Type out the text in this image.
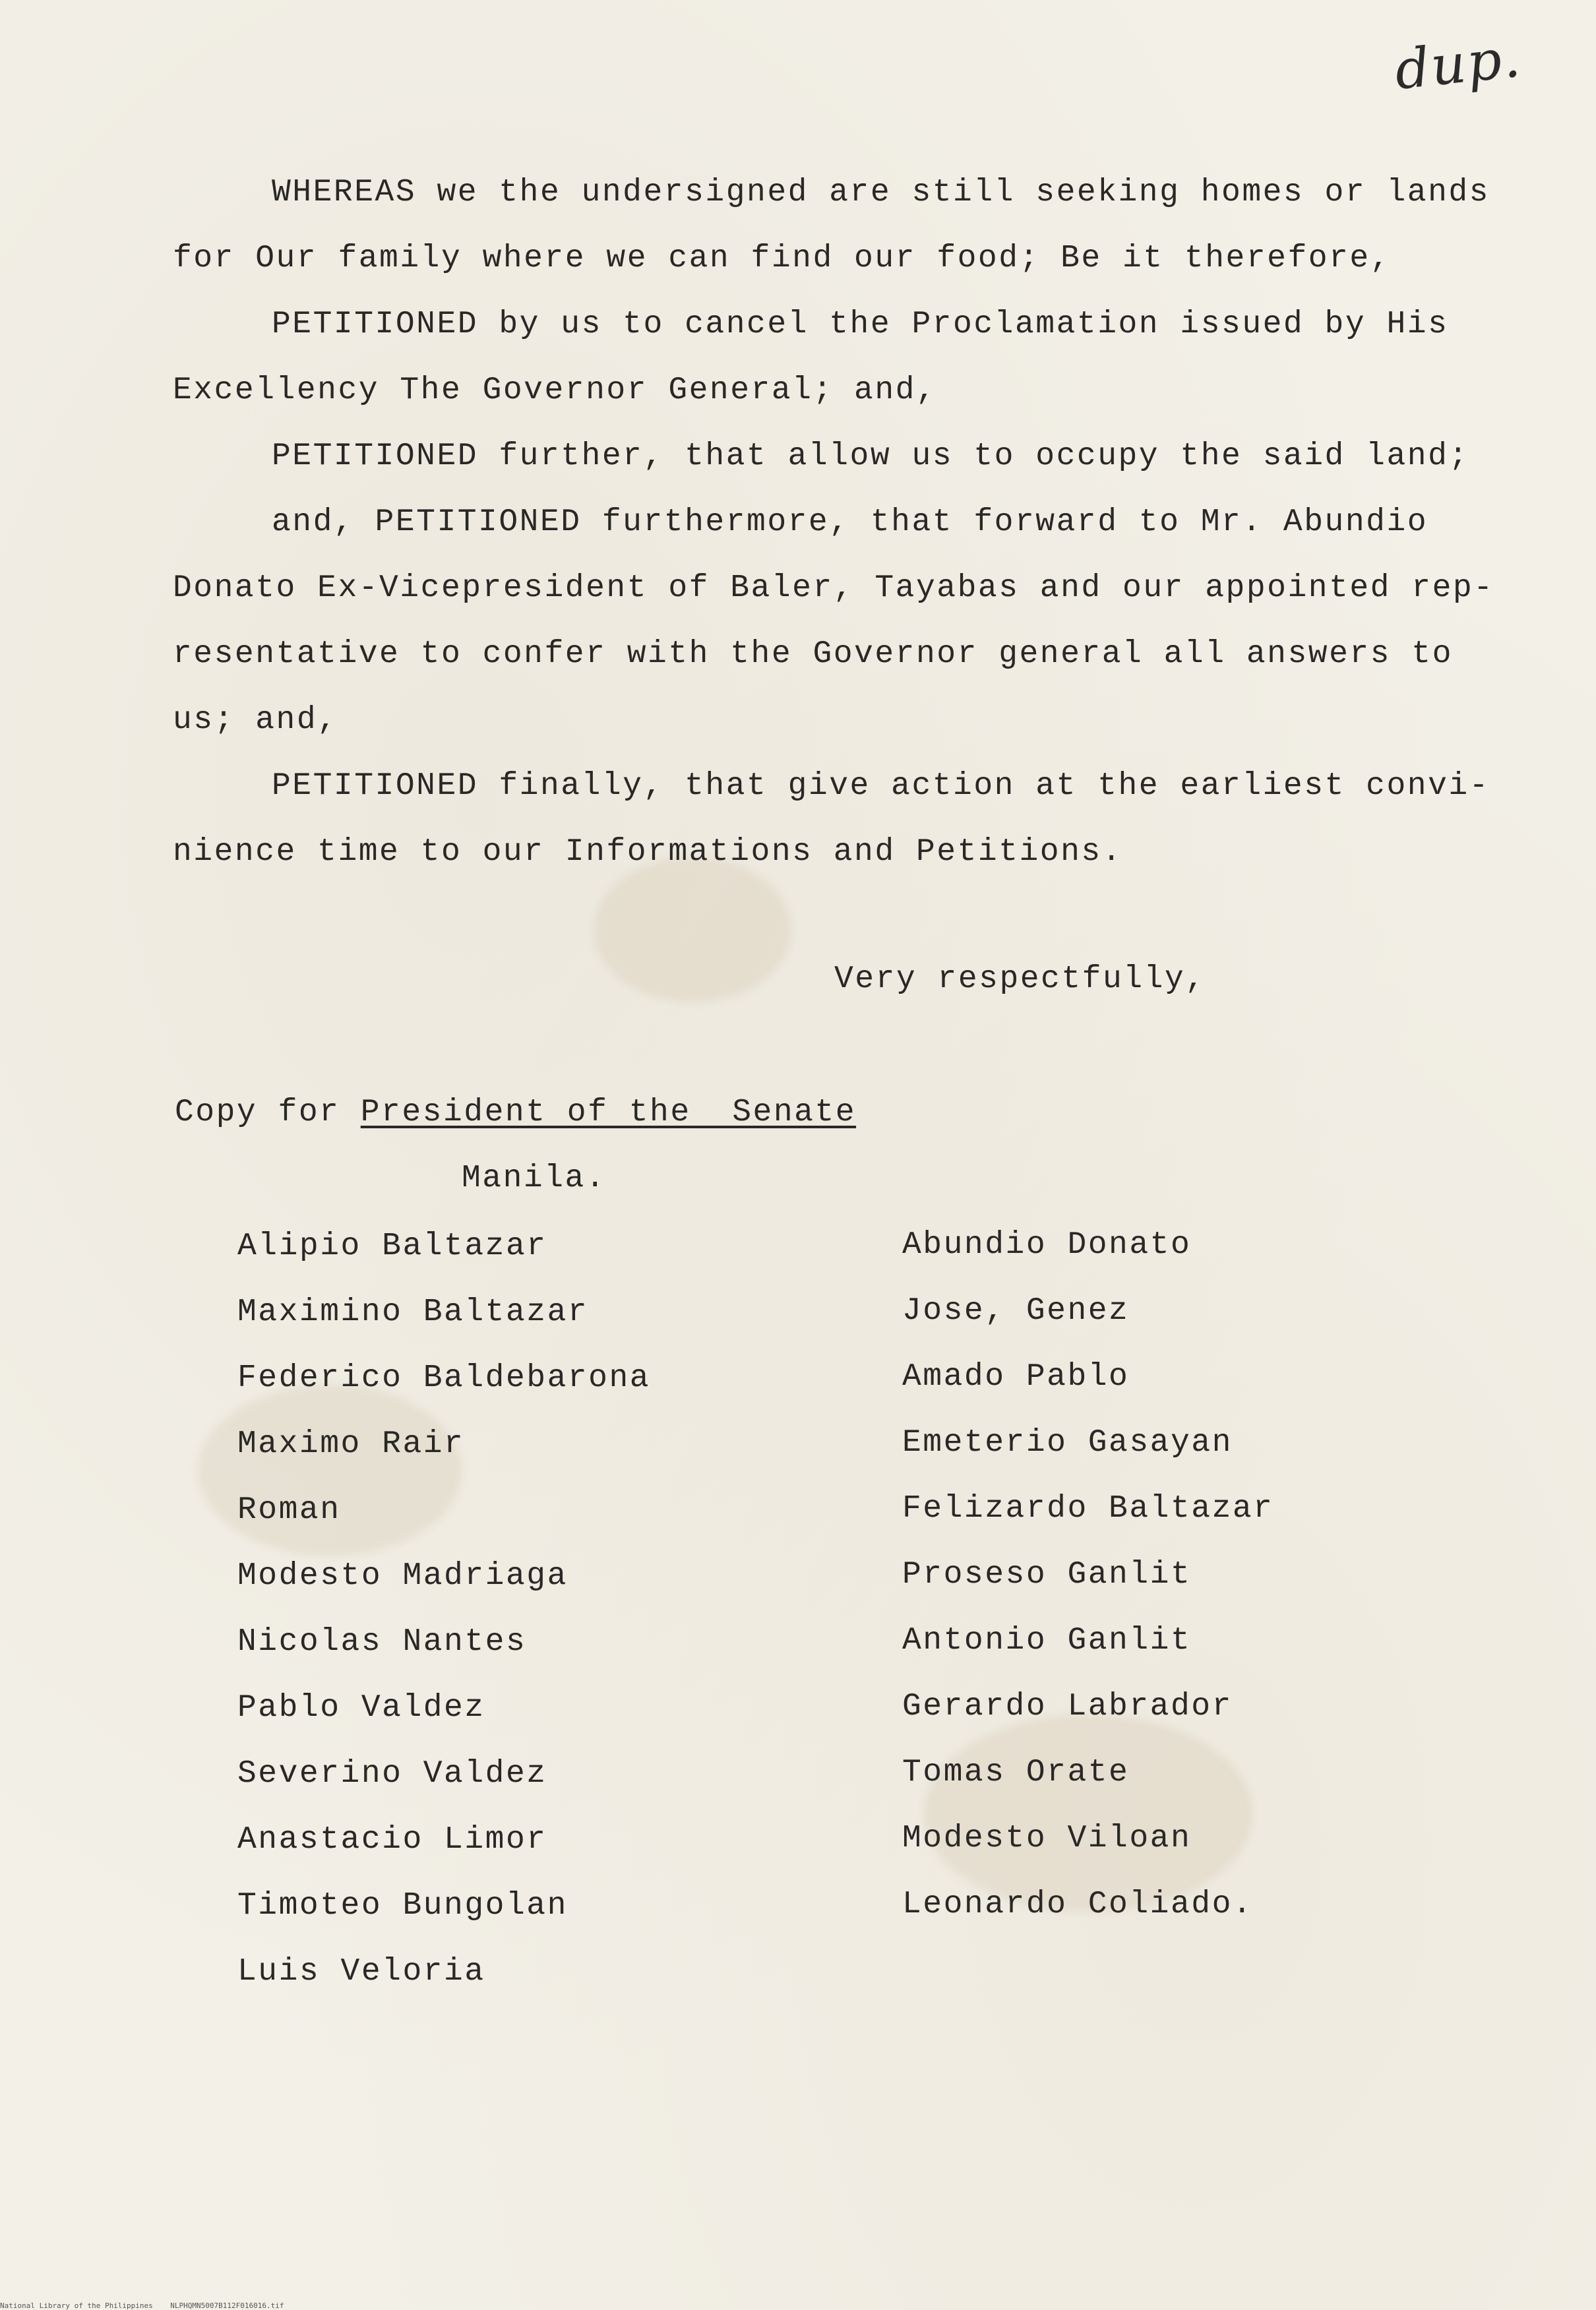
dup.
WHEREAS we the undersigned are still seeking homes or lands
for Our family where we can find our food; Be it therefore,
PETITIONED by us to cancel the Proclamation issued by His
Excellency The Governor General; and,
PETITIONED further, that allow us to occupy the said land;
and, PETITIONED furthermore, that forward to Mr. Abundio
Donato Ex-Vicepresident of Baler, Tayabas and our appointed rep-
resentative to confer with the Governor general all answers to
us; and,
PETITIONED finally, that give action at the earliest convi-
nience time to our Informations and Petitions.
Very respectfully,
Copy for President of the  Senate
Manila.
Alipio Baltazar
Maximino Baltazar
Federico Baldebarona
Maximo Rair
Roman
Modesto Madriaga
Nicolas Nantes
Pablo Valdez
Severino Valdez
Anastacio Limor
Timoteo Bungolan
Luis Veloria
Abundio Donato
Jose, Genez
Amado Pablo
Emeterio Gasayan
Felizardo Baltazar
Proseso Ganlit
Antonio Ganlit
Gerardo Labrador
Tomas Orate
Modesto Viloan
Leonardo Coliado.
National Library of the Philippines NLPHQMN5007B112F016016.tif
